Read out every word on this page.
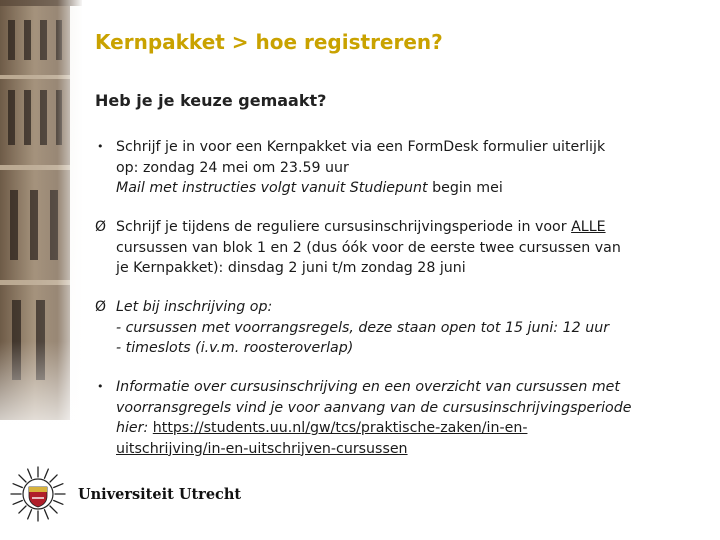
Kernpakket > hoe registreren?
Heb je je keuze gemaakt?
• Schrijf je in voor een Kernpakket via een FormDesk formulier uiterlijk
op: zondag 24 mei om 23.59 uur
Mail met instructies volgt vanuit Studiepunt begin mei
Ø Schrijf je tijdens de reguliere cursusinschrijvingsperiode in voor ALLE
cursussen van blok 1 en 2 (dus óók voor de eerste twee cursussen van
je Kernpakket): dinsdag 2 juni t/m zondag 28 juni
Ø Let bij inschrijving op:
- cursussen met voorrangsregels, deze staan open tot 15 juni: 12 uur
- timeslots (i.v.m. roosteroverlap)
• Informatie over cursusinschrijving en een overzicht van cursussen met
voorransgregels vind je voor aanvang van de cursusinschrijvingsperiode
hier: https://students.uu.nl/gw/tcs/praktische-zaken/in-en-
uitschrijving/in-en-uitschrijven-cursussen
Universiteit Utrecht
